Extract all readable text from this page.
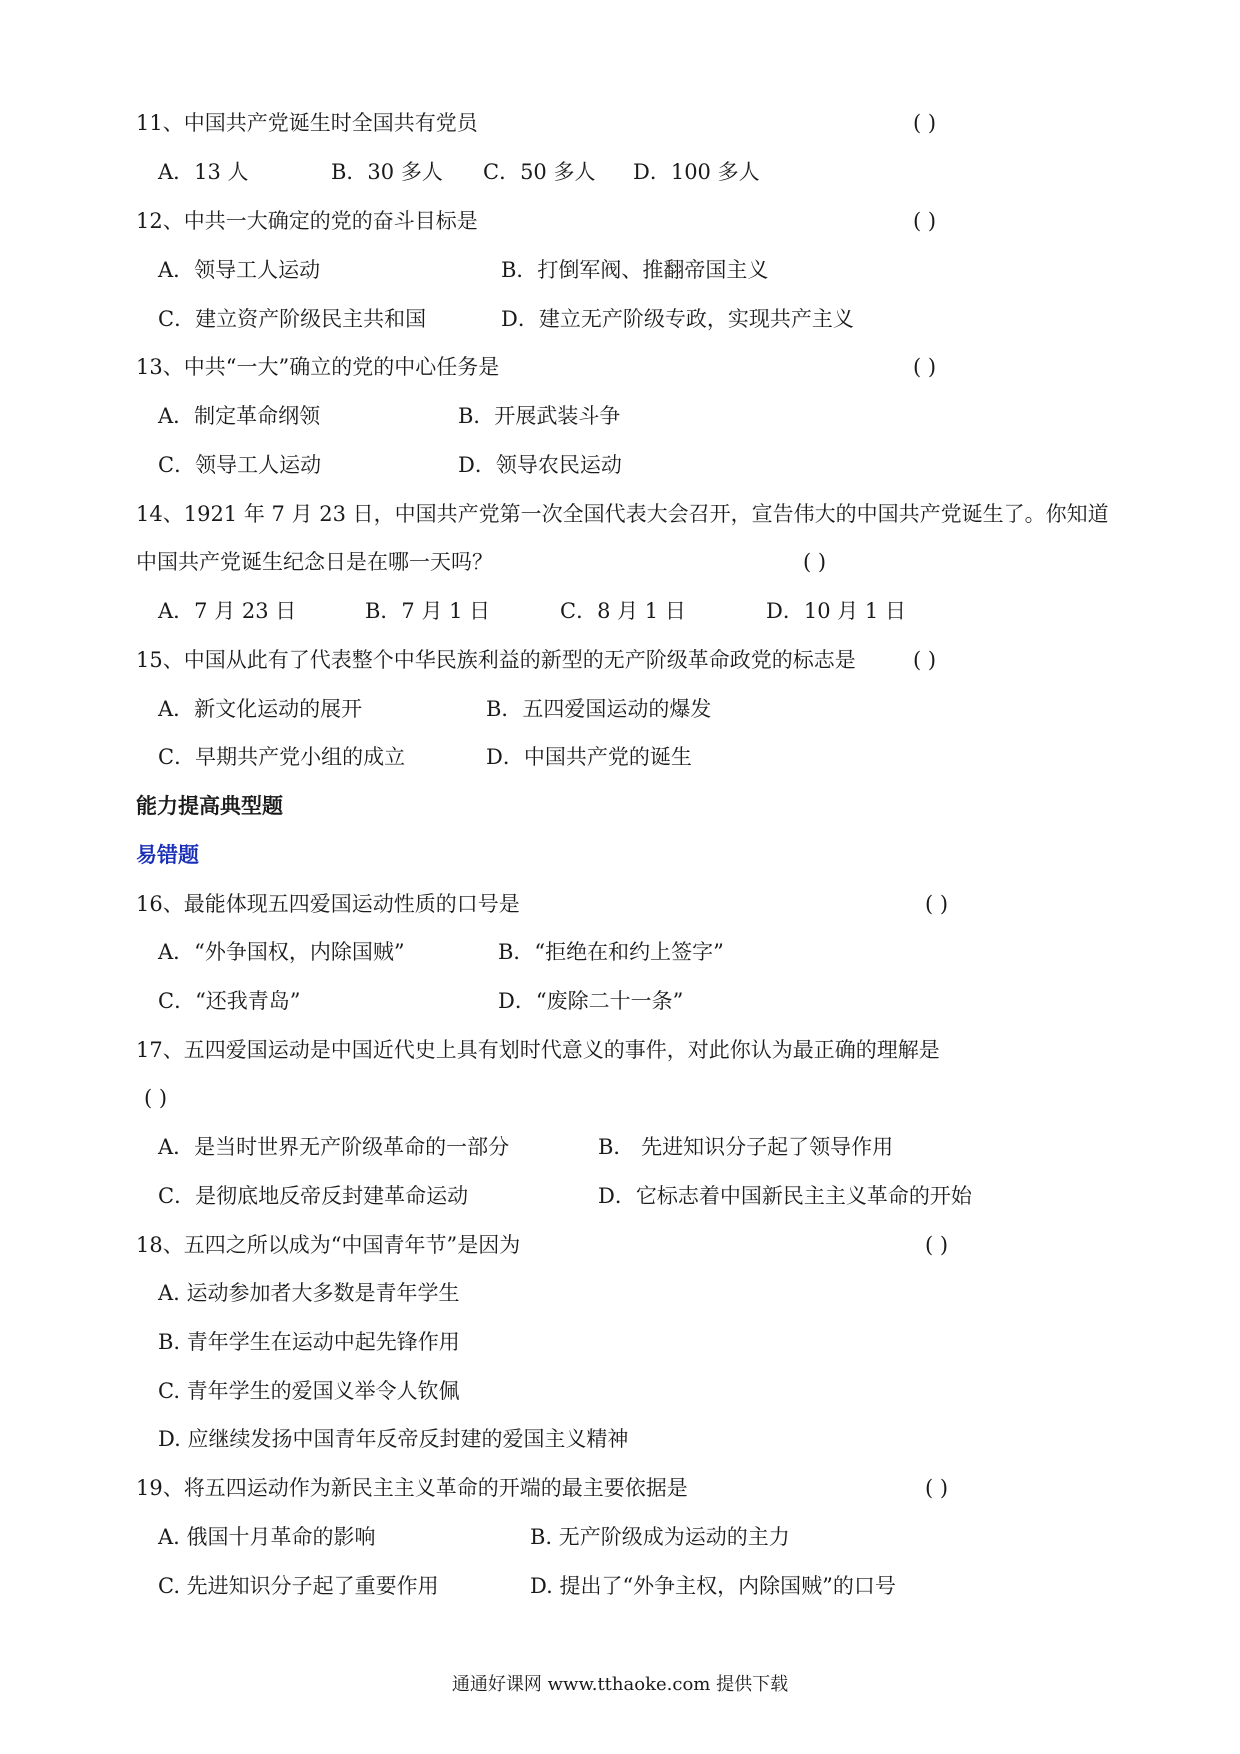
11、中国共产党诞生时全国共有党员	( )
A．13 人	B．30 多人 C．50 多人 D．100 多人
12、中共一大确定的党的奋斗目标是	( )
A．领导工人运动	B．打倒军阀、推翻帝国主义
C．建立资产阶级民主共和国	D．建立无产阶级专政，实现共产主义
13、中共“一大”确立的党的中心任务是	( )
A．制定革命纲领	B．开展武装斗争
C．领导工人运动	D．领导农民运动
14、1921 年 7 月 23 日，中国共产党第一次全国代表大会召开，宣告伟大的中国共产党诞生了。你知道
中国共产党诞生纪念日是在哪一天吗？	( )
A．7 月 23 日	B．7 月 1 日	C．8 月 1 日	D．10 月 1 日
15、中国从此有了代表整个中华民族利益的新型的无产阶级革命政党的标志是	( )
A．新文化运动的展开	B．五四爱国运动的爆发
C．早期共产党小组的成立	D．中国共产党的诞生
能力提高典型题
易错题
16、最能体现五四爱国运动性质的口号是	( )
A．“外争国权，内除国贼”	B．“拒绝在和约上签字”
C．“还我青岛”	D．“废除二十一条”
17、五四爱国运动是中国近代史上具有划时代意义的事件，对此你认为最正确的理解是
( )
A．是当时世界无产阶级革命的一部分	B． 先进知识分子起了领导作用
C．是彻底地反帝反封建革命运动	D．它标志着中国新民主主义革命的开始
18、五四之所以成为“中国青年节”是因为	( )
A. 运动参加者大多数是青年学生
B. 青年学生在运动中起先锋作用
C. 青年学生的爱国义举令人钦佩
D. 应继续发扬中国青年反帝反封建的爱国主义精神
19、将五四运动作为新民主主义革命的开端的最主要依据是	( )
A. 俄国十月革命的影响	B. 无产阶级成为运动的主力
C. 先进知识分子起了重要作用	D. 提出了“外争主权，内除国贼”的口号
通通好课网 www.tthaoke.com 提供下载
